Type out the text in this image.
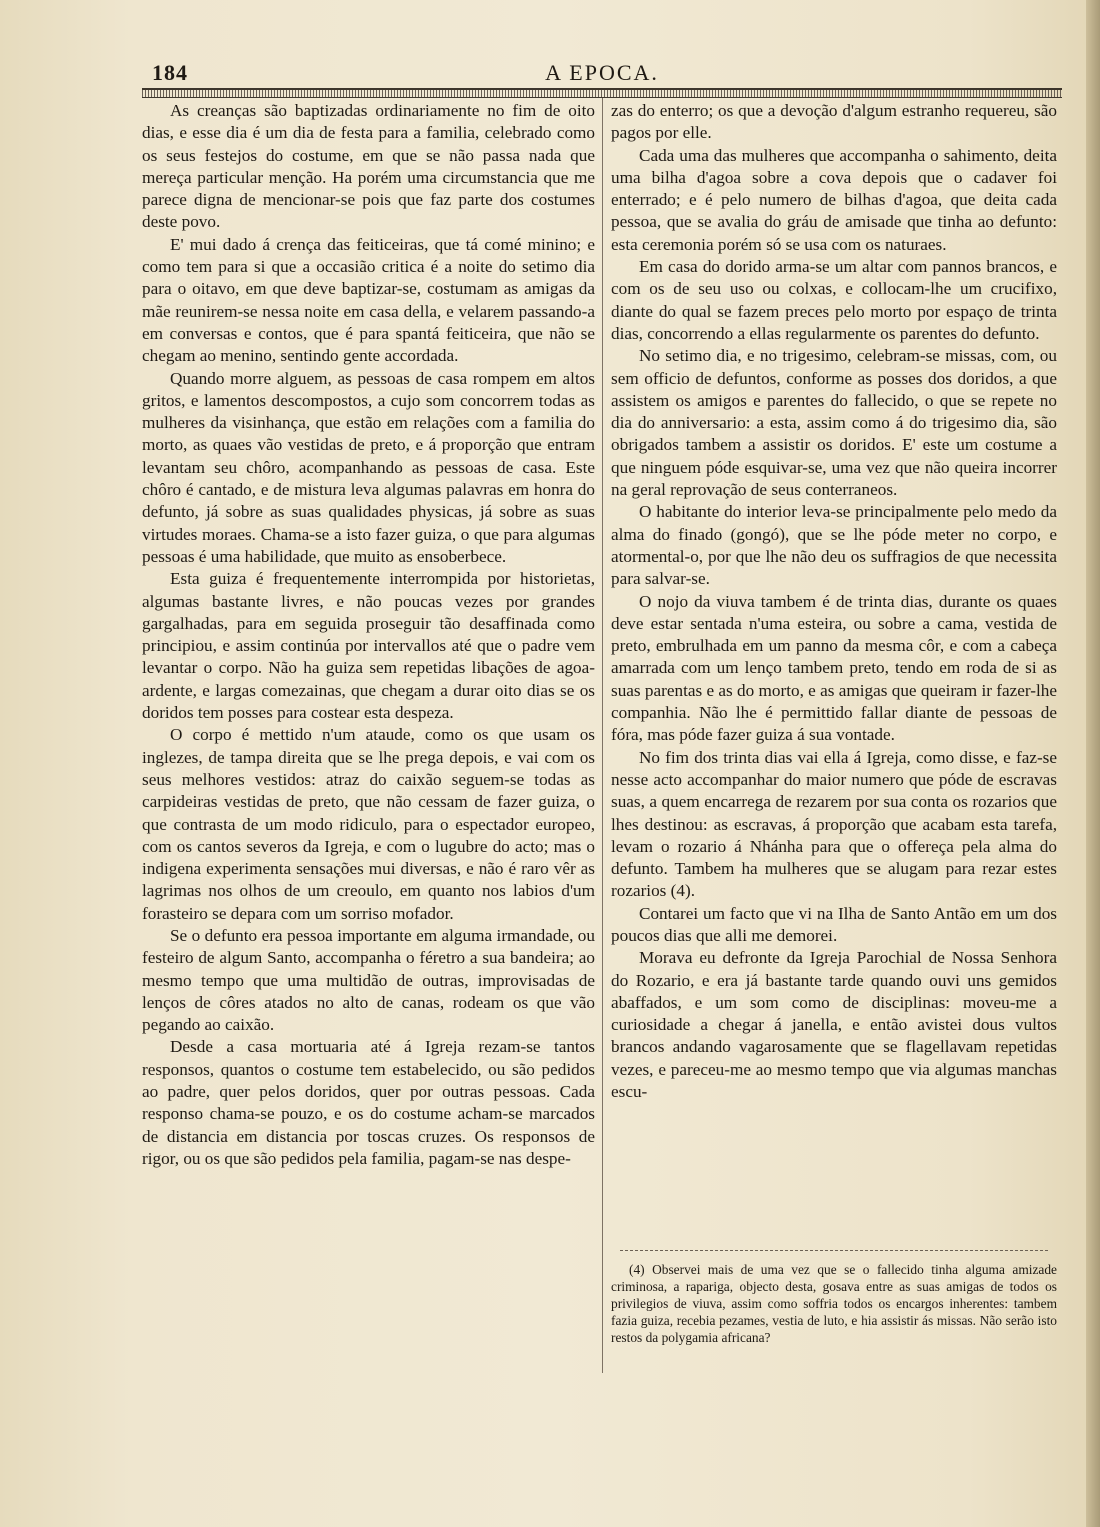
184	A EPOCA.

As creanças são baptizadas ordinariamente no fim de oito dias, e esse dia é um dia de festa para a familia, celebrado como os seus festejos do costume, em que se não passa nada que mereça particular menção. Ha porém uma circumstancia que me parece digna de mencionar-se pois que faz parte dos costumes deste povo.

E' mui dado á crença das feiticeiras, que tá comé minino; e como tem para si que a occasião critica é a noite do setimo dia para o oitavo, em que deve baptizar-se, costumam as amigas da mãe reunirem-se nessa noite em casa della, e velarem passando-a em conversas e contos, que é para spantá feiticeira, que não se chegam ao menino, sentindo gente accordada.

Quando morre alguem, as pessoas de casa rompem em altos gritos, e lamentos descompostos, a cujo som concorrem todas as mulheres da visinhança, que estão em relações com a familia do morto, as quaes vão vestidas de preto, e á proporção que entram levantam seu chôro, acompanhando as pessoas de casa. Este chôro é cantado, e de mistura leva algumas palavras em honra do defunto, já sobre as suas qualidades physicas, já sobre as suas virtudes moraes. Chama-se a isto fazer guiza, o que para algumas pessoas é uma habilidade, que muito as ensoberbece.

Esta guiza é frequentemente interrompida por historietas, algumas bastante livres, e não poucas vezes por grandes gargalhadas, para em seguida proseguir tão desaffinada como principiou, e assim continúa por intervallos até que o padre vem levantar o corpo. Não ha guiza sem repetidas libações de agoa-ardente, e largas comezainas, que chegam a durar oito dias se os doridos tem posses para costear esta despeza.

O corpo é mettido n'um ataude, como os que usam os inglezes, de tampa direita que se lhe prega depois, e vai com os seus melhores vestidos: atraz do caixão seguem-se todas as carpideiras vestidas de preto, que não cessam de fazer guiza, o que contrasta de um modo ridiculo, para o espectador europeo, com os cantos severos da Igreja, e com o lugubre do acto; mas o indigena experimenta sensações mui diversas, e não é raro vêr as lagrimas nos olhos de um creoulo, em quanto nos labios d'um forasteiro se depara com um sorriso mofador.

Se o defunto era pessoa importante em alguma irmandade, ou festeiro de algum Santo, accompanha o féretro a sua bandeira; ao mesmo tempo que uma multidão de outras, improvisadas de lenços de côres atados no alto de canas, rodeam os que vão pegando ao caixão.

Desde a casa mortuaria até á Igreja rezam-se tantos responsos, quantos o costume tem estabelecido, ou são pedidos ao padre, quer pelos doridos, quer por outras pessoas. Cada responso chama-se pouzo, e os do costume acham-se marcados de distancia em distancia por toscas cruzes. Os responsos de rigor, ou os que são pedidos pela familia, pagam-se nas despe-

zas do enterro; os que a devoção d'algum estranho requereu, são pagos por elle.

Cada uma das mulheres que accompanha o sahimento, deita uma bilha d'agoa sobre a cova depois que o cadaver foi enterrado; e é pelo numero de bilhas d'agoa, que deita cada pessoa, que se avalia do gráu de amisade que tinha ao defunto: esta ceremonia porém só se usa com os naturaes.

Em casa do dorido arma-se um altar com pannos brancos, e com os de seu uso ou colxas, e collocam-lhe um crucifixo, diante do qual se fazem preces pelo morto por espaço de trinta dias, concorrendo a ellas regularmente os parentes do defunto.

No setimo dia, e no trigesimo, celebram-se missas, com, ou sem officio de defuntos, conforme as posses dos doridos, a que assistem os amigos e parentes do fallecido, o que se repete no dia do anniversario: a esta, assim como á do trigesimo dia, são obrigados tambem a assistir os doridos. E' este um costume a que ninguem póde esquivar-se, uma vez que não queira incorrer na geral reprovação de seus conterraneos.

O habitante do interior leva-se principalmente pelo medo da alma do finado (gongó), que se lhe póde meter no corpo, e atormental-o, por que lhe não deu os suffragios de que necessita para salvar-se.

O nojo da viuva tambem é de trinta dias, durante os quaes deve estar sentada n'uma esteira, ou sobre a cama, vestida de preto, embrulhada em um panno da mesma côr, e com a cabeça amarrada com um lenço tambem preto, tendo em roda de si as suas parentas e as do morto, e as amigas que queiram ir fazer-lhe companhia. Não lhe é permittido fallar diante de pessoas de fóra, mas póde fazer guiza á sua vontade.

No fim dos trinta dias vai ella á Igreja, como disse, e faz-se nesse acto accompanhar do maior numero que póde de escravas suas, a quem encarrega de rezarem por sua conta os rozarios que lhes destinou: as escravas, á proporção que acabam esta tarefa, levam o rozario á Nhánha para que o offereça pela alma do defunto. Tambem ha mulheres que se alugam para rezar estes rozarios (4).

Contarei um facto que vi na Ilha de Santo Antão em um dos poucos dias que alli me demorei.

Morava eu defronte da Igreja Parochial de Nossa Senhora do Rozario, e era já bastante tarde quando ouvi uns gemidos abaffados, e um som como de disciplinas: moveu-me a curiosidade a chegar á janella, e então avistei dous vultos brancos andando vagarosamente que se flagellavam repetidas vezes, e pareceu-me ao mesmo tempo que via algumas manchas escu-

(4) Observei mais de uma vez que se o fallecido tinha alguma amizade criminosa, a rapariga, objecto desta, gosava entre as suas amigas de todos os privilegios de viuva, assim como soffria todos os encargos inherentes: tambem fazia guiza, recebia pezames, vestia de luto, e hia assistir ás missas. Não serão isto restos da polygamia africana?
